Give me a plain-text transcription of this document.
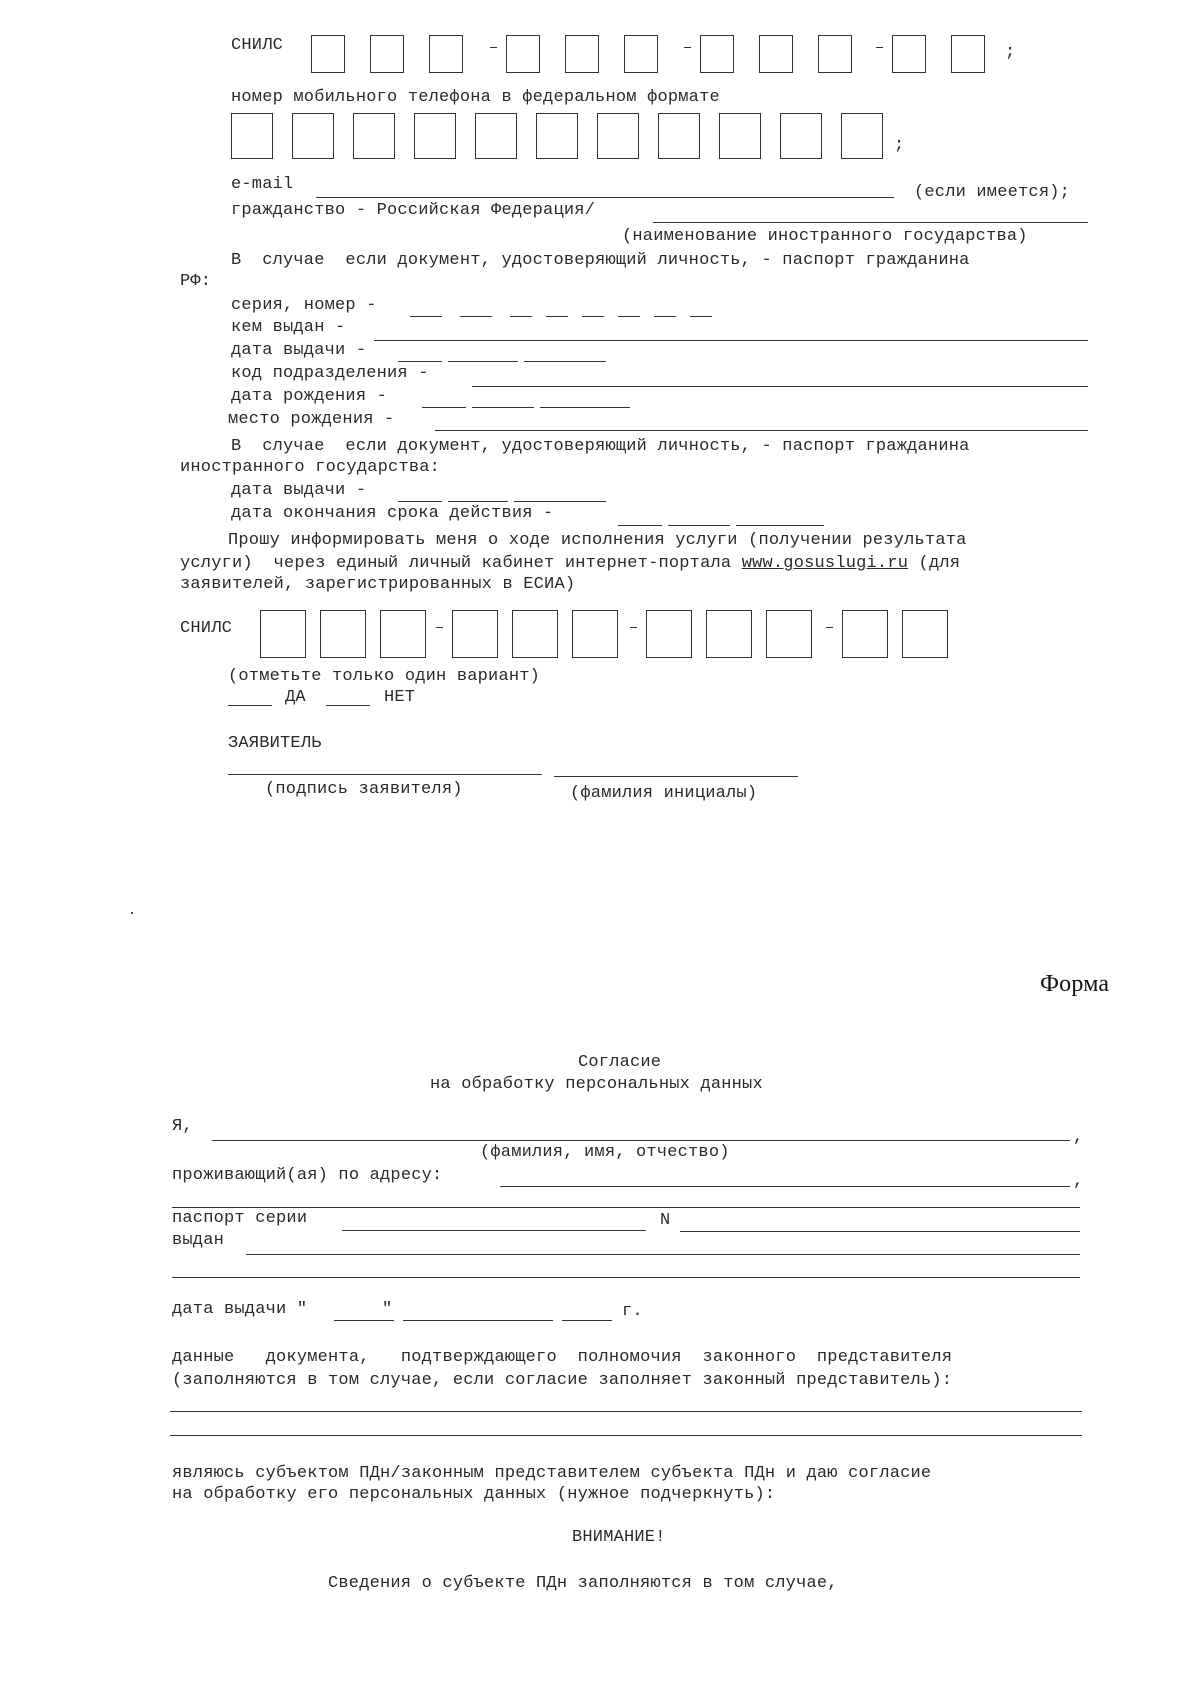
СНИЛС	;
номер мобильного телефона в федеральном формате
;
e-mail	(если имеется);
гражданство - Российская Федерация/
(наименование иностранного государства)
В  случае  если документ, удостоверяющий личность, - паспорт гражданина
РФ:
серия, номер -
кем выдан -
дата выдачи -
код подразделения -
дата рождения -
место рождения -
В  случае  если документ, удостоверяющий личность, - паспорт гражданина
иностранного государства:
дата выдачи -
дата окончания срока действия -
Прошу информировать меня о ходе исполнения услуги (получении результата
услуги)  через единый личный кабинет интернет-портала www.gosuslugi.ru (для
заявителей, зарегистрированных в ЕСИА)
СНИЛС
(отметьте только один вариант)
ДА	НЕТ
ЗАЯВИТЕЛЬ
(подпись заявителя)	(фамилия инициалы)
Форма
Согласие
на обработку персональных данных
Я,
,
(фамилия, имя, отчество)
проживающий(ая) по адресу:	,
паспорт серии	N
выдан
дата выдачи "	"	г.
данные   документа,   подтверждающего  полномочия  законного  представителя
(заполняются в том случае, если согласие заполняет законный представитель):
являюсь субъектом ПДн/законным представителем субъекта ПДн и даю согласие
на обработку его персональных данных (нужное подчеркнуть):
ВНИМАНИЕ!
Сведения о субъекте ПДн заполняются в том случае,
